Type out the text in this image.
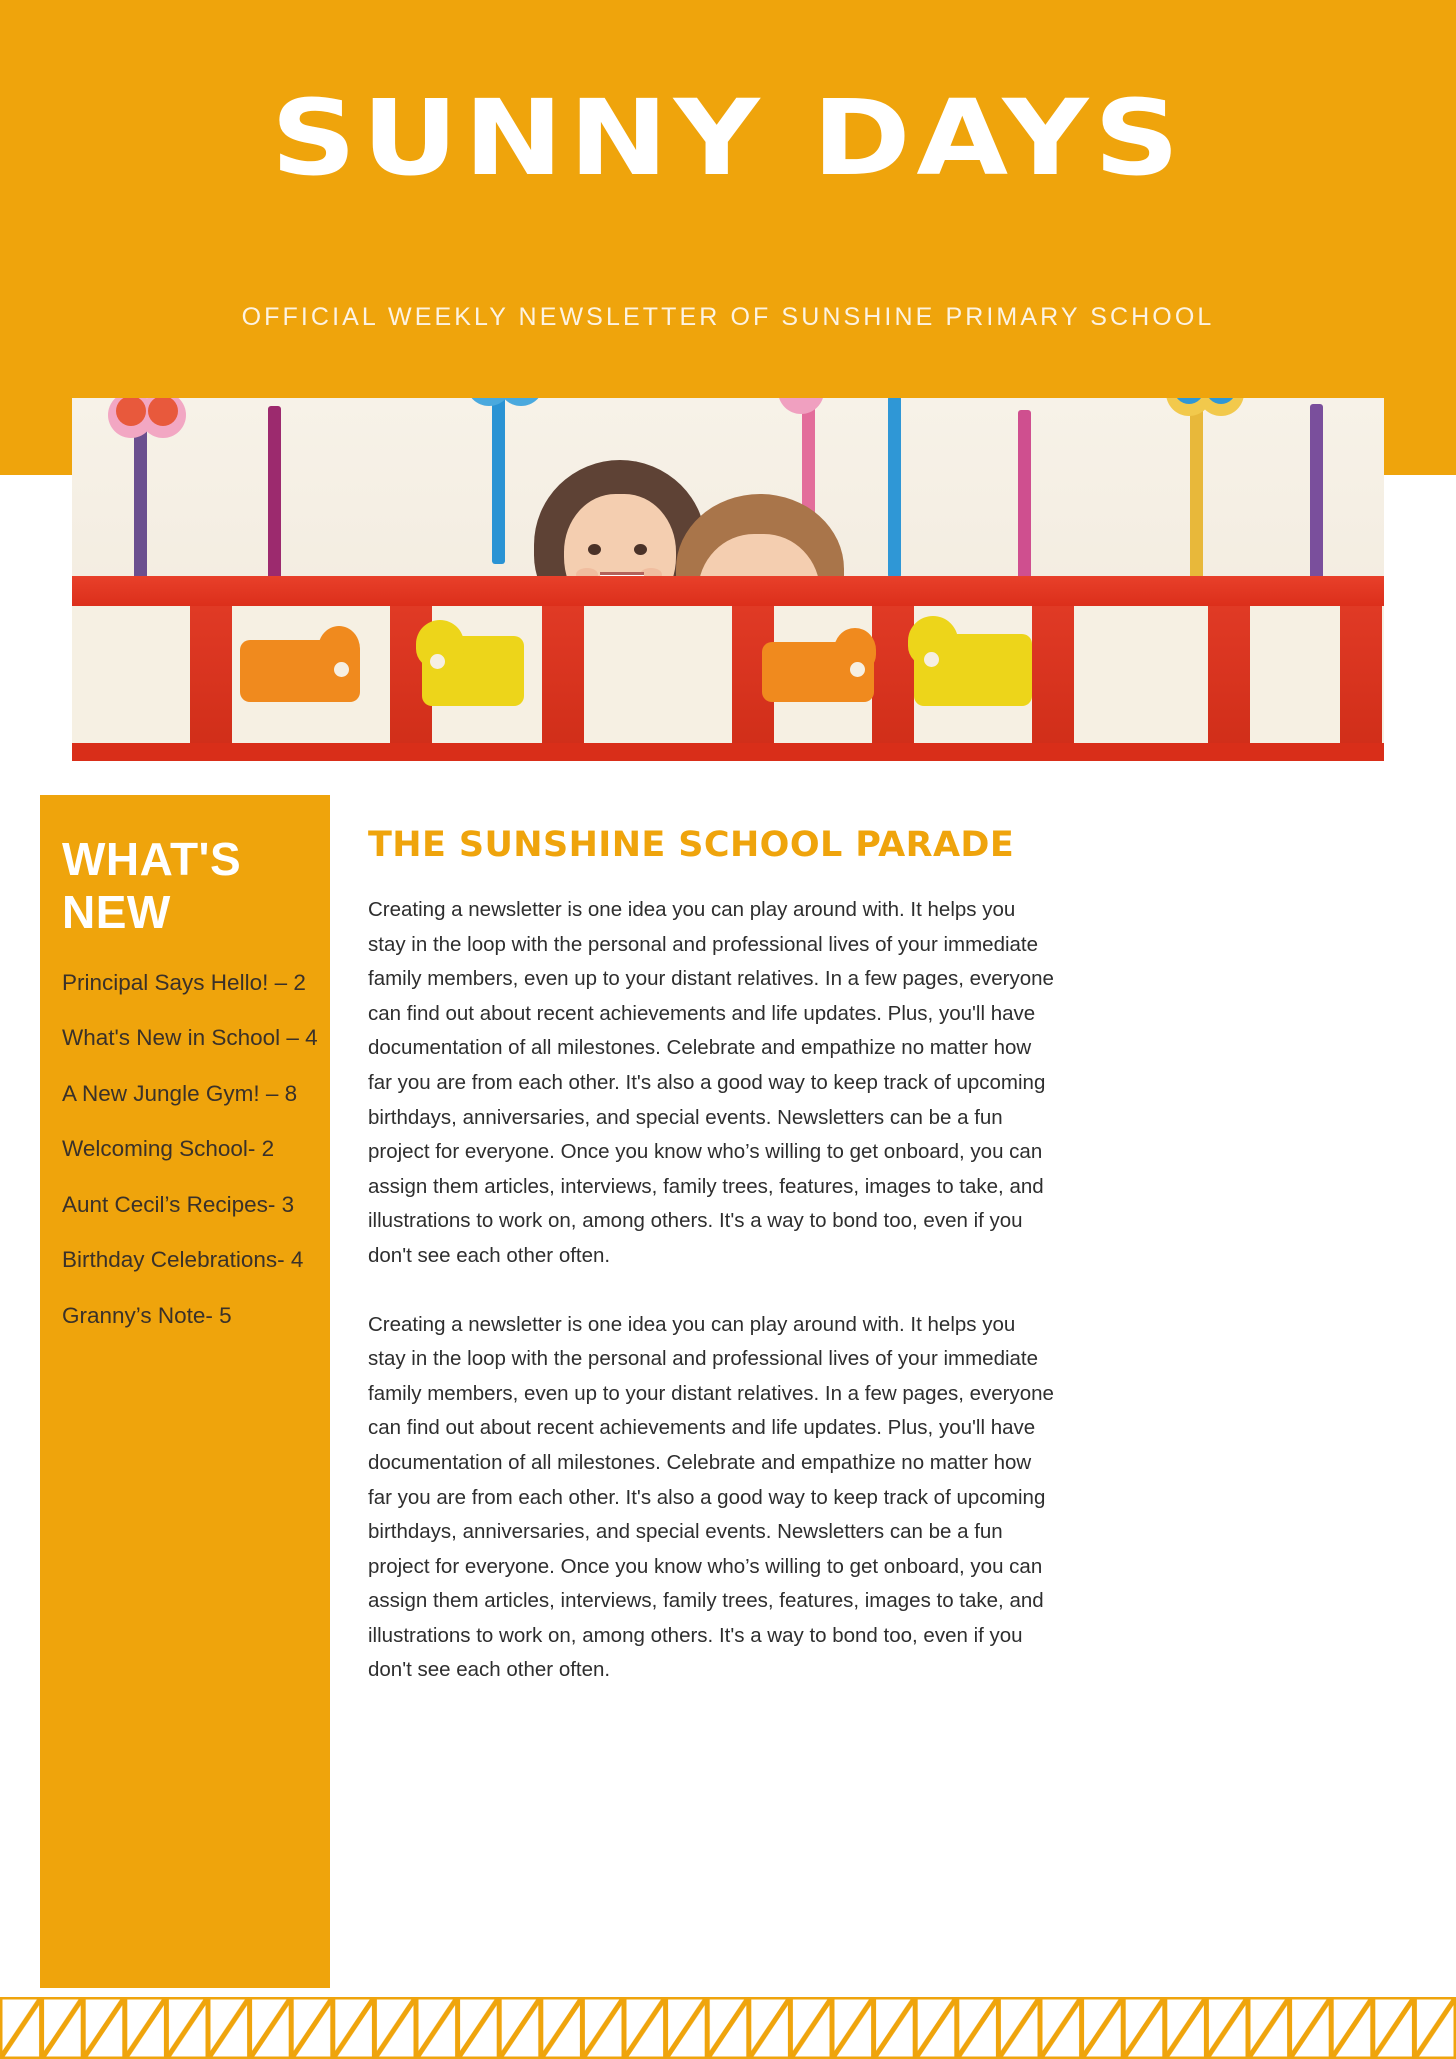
SUNNY DAYS
OFFICIAL WEEKLY NEWSLETTER OF SUNSHINE PRIMARY SCHOOL
WHAT'S NEW
Principal Says Hello! – 2
What's New in School – 4
A New Jungle Gym! – 8
Welcoming School- 2
Aunt Cecil’s Recipes- 3
Birthday Celebrations- 4
Granny’s Note- 5
THE SUNSHINE SCHOOL PARADE

Creating a newsletter is one idea you can play around with. It helps you stay in the loop with the personal and professional lives of your immediate family members, even up to your distant relatives. In a few pages, everyone can find out about recent achievements and life updates. Plus, you'll have documentation of all milestones. Celebrate and empathize no matter how far you are from each other. It's also a good way to keep track of upcoming birthdays, anniversaries, and special events. Newsletters can be a fun project for everyone. Once you know who’s willing to get onboard, you can assign them articles, interviews, family trees, features, images to take, and illustrations to work on, among others. It's a way to bond too, even if you don't see each other often.

Creating a newsletter is one idea you can play around with. It helps you stay in the loop with the personal and professional lives of your immediate family members, even up to your distant relatives. In a few pages, everyone can find out about recent achievements and life updates. Plus, you'll have documentation of all milestones. Celebrate and empathize no matter how far you are from each other. It's also a good way to keep track of upcoming birthdays, anniversaries, and special events. Newsletters can be a fun project for everyone. Once you know who’s willing to get onboard, you can assign them articles, interviews, family trees, features, images to take, and illustrations to work on, among others. It's a way to bond too, even if you don't see each other often.
